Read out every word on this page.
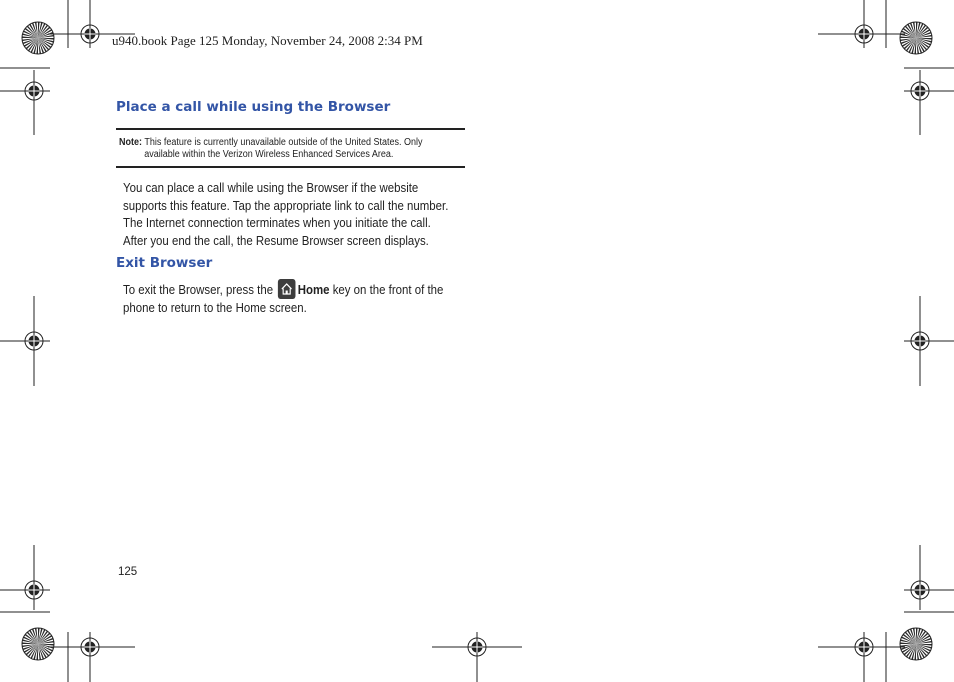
u940.book Page 125 Monday, November 24, 2008 2:34 PM
Place a call while using the Browser
Note: This feature is currently unavailable outside of the United States. Only
available within the Verizon Wireless Enhanced Services Area.
You can place a call while using the Browser if the website
supports this feature. Tap the appropriate link to call the number.
The Internet connection terminates when you initiate the call.
After you end the call, the Resume Browser screen displays.
Exit Browser
To exit the Browser, press the Home key on the front of the
phone to return to the Home screen.
125
